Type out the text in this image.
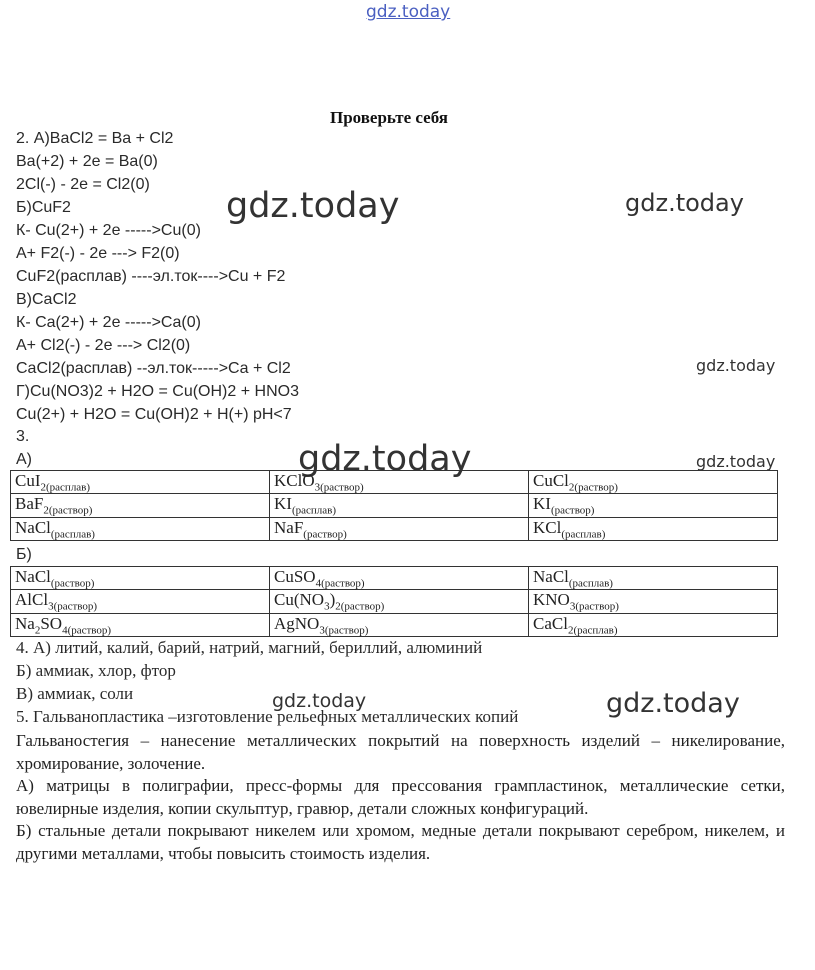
gdz.today
gdz.today	gdz.today
gdz.today
gdz.today	gdz.today
gdz.today	gdz.today
Проверьте себя
2. А)BaCl2 = Ba + Cl2
Ba(+2) + 2e = Ba(0)
2Cl(-) - 2e = Cl2(0)
Б)CuF2
К- Cu(2+) + 2e ----->Cu(0)
А+ F2(-) - 2e ---> F2(0)
CuF2(расплав) ----эл.ток---->Cu + F2
В)CaCl2
К- Ca(2+) + 2e ----->Ca(0)
А+ Cl2(-) - 2e ---> Cl2(0)
CaCl2(расплав) --эл.ток----->Ca + Cl2
Г)Cu(NO3)2 + H2O = Cu(OH)2 + HNO3
Cu(2+) + H2O = Cu(OH)2 + H(+) pH<7
3.
А)
CuI$_{2(расплав)}$	KClO$_{3(раствор)}$	CuCl$_{2(раствор)}$
BaF$_{2(раствор)}$	$KI_{(расплав)}$	$KI_{(раствор)}$
NaCl$_{(расплав)}$	NaF$_{(раствор)}$	KCl$_{(расплав)}$
Б)
NaCl$_{(раствор)}$	CuSO$_{4(раствор)}$	NaCl$_{(расплав)}$
AlCl$_{3(раствор)}$	$Cu(NO_3)_{2(раствор)}$	$KNO_{3(раствор)}$
$Na_2SO_{4(раствор)}$	AgNO$_{3(раствор)}$	CaCl$_{2(расплав)}$
4. А) литий, калий, барий, натрий, магний, бериллий, алюминий
Б) аммиак, хлор, фтор
В) аммиак, соли
5. Гальванопластика –изготовление рельефных металлических копий
Гальваностегия – нанесение металлических покрытий на поверхность изделий – никелирование, хромирование, золочение.
А) матрицы в полиграфии, пресс-формы для прессования грампластинок, металлические сетки, ювелирные изделия, копии скульптур, гравюр, детали сложных конфигураций.
Б) стальные детали покрывают никелем или хромом, медные детали покрывают серебром, никелем, и другими металлами, чтобы повысить стоимость изделия.
